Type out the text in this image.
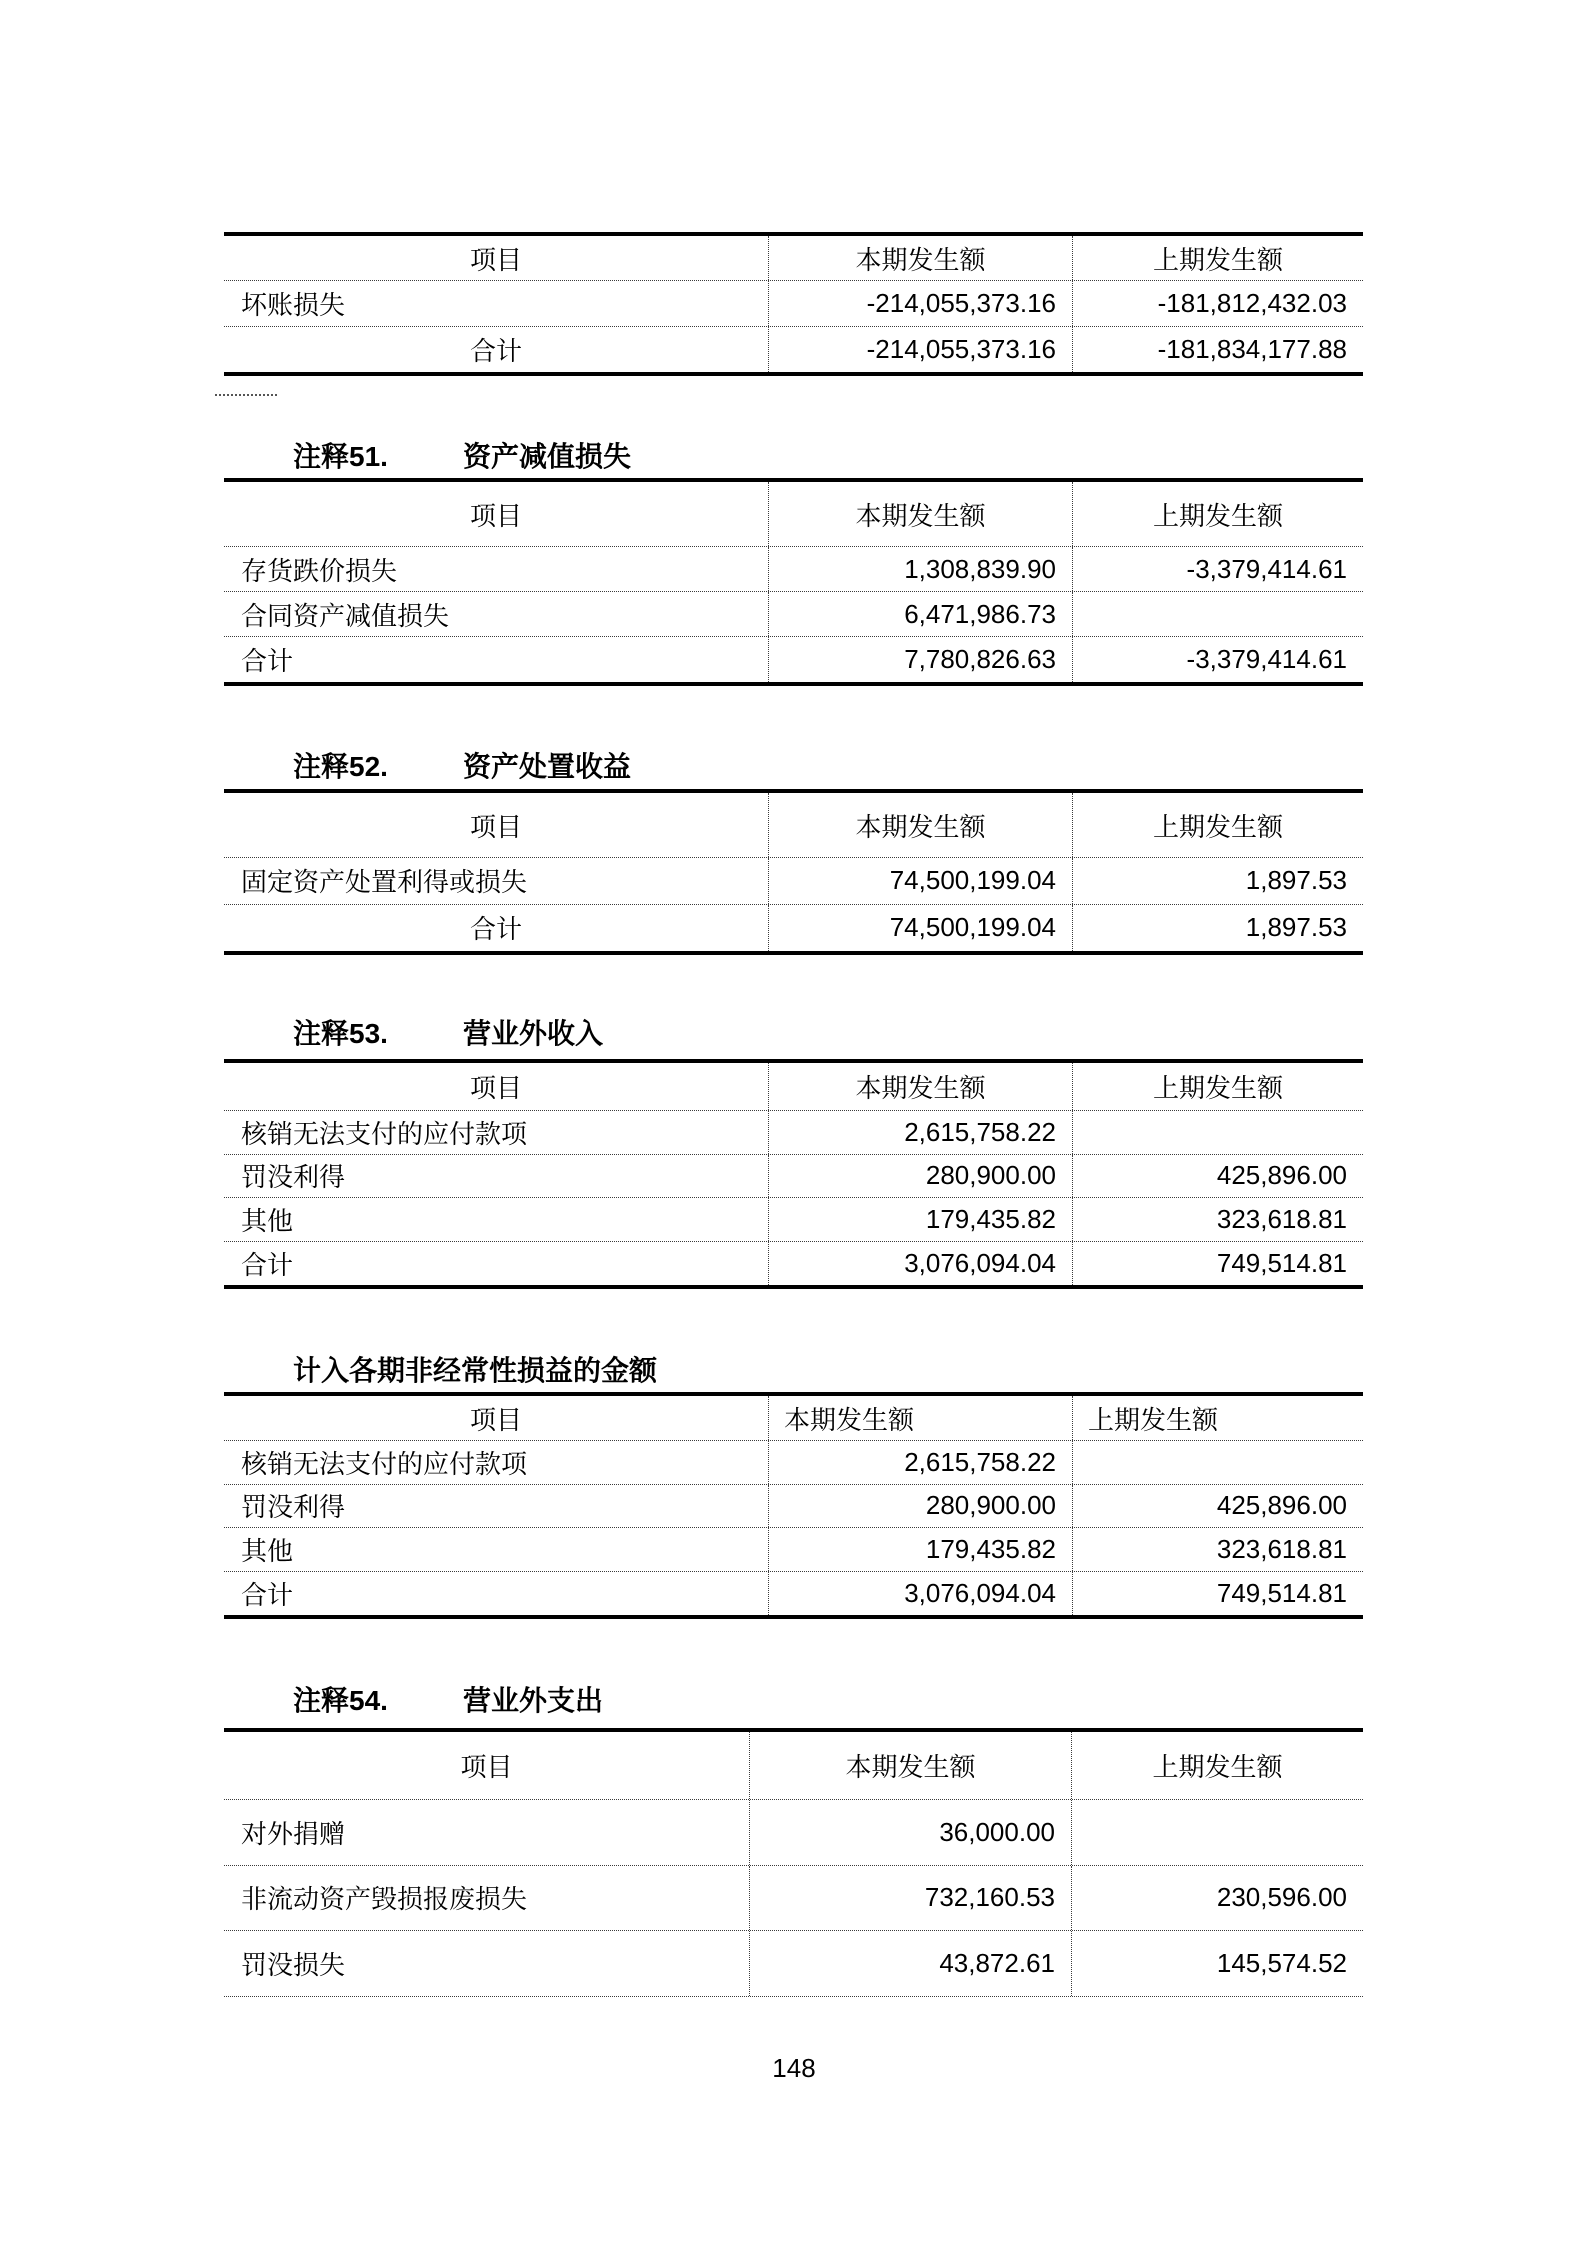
项目	本期发生额	上期发生额
坏账损失	-214,055,373.16	-181,812,432.03
合计	-214,055,373.16	-181,834,177.88
注释51.	资产减值损失
项目	本期发生额	上期发生额
存货跌价损失	1,308,839.90	-3,379,414.61
合同资产减值损失	6,471,986.73
合计	7,780,826.63	-3,379,414.61
注释52.	资产处置收益
项目	本期发生额	上期发生额
固定资产处置利得或损失	74,500,199.04	1,897.53
合计	74,500,199.04	1,897.53
注释53.	营业外收入
项目	本期发生额	上期发生额
核销无法支付的应付款项	2,615,758.22
罚没利得	280,900.00	425,896.00
其他	179,435.82	323,618.81
合计	3,076,094.04	749,514.81
计入各期非经常性损益的金额
项目	本期发生额	上期发生额
核销无法支付的应付款项	2,615,758.22
罚没利得	280,900.00	425,896.00
其他	179,435.82	323,618.81
合计	3,076,094.04	749,514.81
注释54.	营业外支出
项目	本期发生额	上期发生额
对外捐赠	36,000.00
非流动资产毁损报废损失	732,160.53	230,596.00
罚没损失	43,872.61	145,574.52
148
